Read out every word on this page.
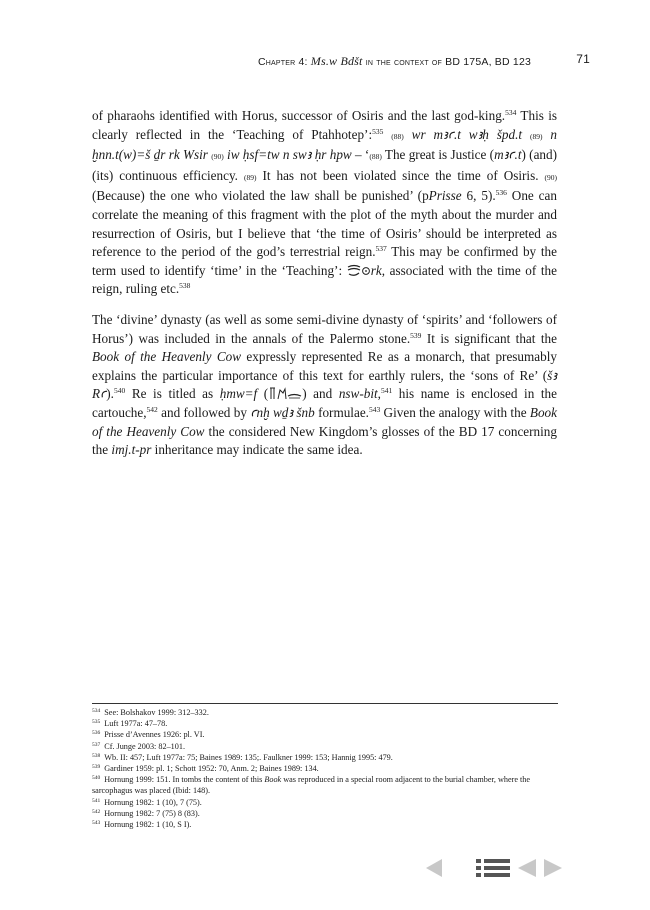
Chapter 4: Ms.w Bdšt in the context of BD 175A, BD 123	71

of pharaohs identified with Horus, successor of Osiris and the last god-king.$^{534}$ This is clearly reflected in the ‘Teaching of Ptahhotep’:$^{535}$ (88) wr mꜣꜥ.t wꜣḥ špd.t (89) n ḫnn.t(w)=š ḏr rk Wsir (90) iw ḥsf=tw n swꜣ ḥr hpw – ‘(88) The great is Justice (mꜣꜥ.t) (and) (its) continuous efficiency. (89) It has not been violated since the time of Osiris. (90) (Because) the one who violated the law shall be punished’ (pPrisse 6, 5).$^{536}$ One can correlate the meaning of this fragment with the plot of the myth about the murder and resurrection of Osiris, but I believe that ‘the time of Osiris’ should be interpreted as reference to the period of the god’s terrestrial reign.$^{537}$ This may be confirmed by the term used to identify ‘time’ in the ‘Teaching’: rk, associated with the time of the reign, ruling etc.$^{538}$

The ‘divine’ dynasty (as well as some semi-divine dynasty of ‘spirits’ and ‘followers of Horus’) was included in the annals of the Palermo stone.$^{539}$ It is significant that the Book of the Heavenly Cow expressly represented Re as a monarch, that presumably explains the particular importance of this text for earthly rulers, the ‘sons of Re’ (šꜣ Rꜥ).$^{540}$ Re is titled as ḥmw=f (	) and nsw-bit,$^{541}$ his name is enclosed in the cartouche,$^{542}$ and followed by ꜥnḫ wḏꜣ šnb formulae.$^{543}$ Given the analogy with the Book of the Heavenly Cow the considered New Kingdom’s glosses of the BD 17 concerning the imj.t-pr inheritance may indicate the same idea.

$^{534}$ See: Bolshakov 1999: 312–332.

$^{535}$ Luft 1977a: 47–78.

$^{536}$ Prisse d’Avennes 1926: pl. VI.

$^{537}$ Cf. Junge 2003: 82–101.

$^{538}$ Wb. II: 457; Luft 1977a: 75; Baines 1989: 135;. Faulkner 1999: 153; Hannig 1995: 479.

$^{539}$ Gardiner 1959: pl. 1; Schott 1952: 70, Anm. 2; Baines 1989: 134.

$^{540}$ Hornung 1999: 151. In tombs the content of this Book was reproduced in a special room adjacent to the burial chamber, where the sarcophagus was placed (Ibid: 148).

$^{541}$ Hornung 1982: 1 (10), 7 (75).

$^{542}$ Hornung 1982: 7 (75) 8 (83).

$^{543}$ Hornung 1982: 1 (10, S I).
